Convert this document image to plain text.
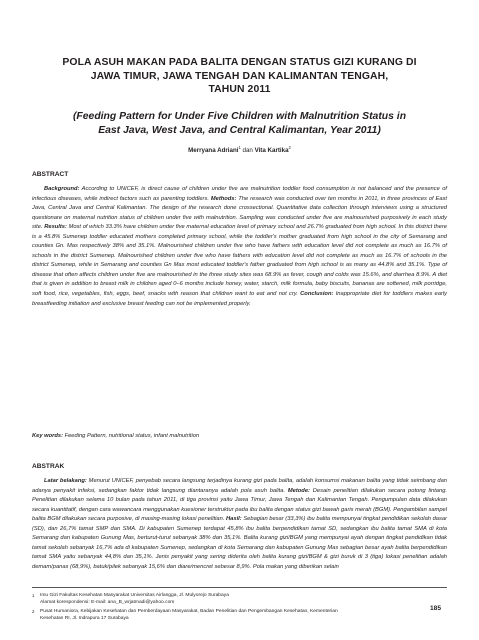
POLA ASUH MAKAN PADA BALITA DENGAN STATUS GIZI KURANG DI
JAWA TIMUR, JAWA TENGAH DAN KALIMANTAN TENGAH,
TAHUN 2011
(Feeding Pattern for Under Five Children with Malnutrition Status in
East Java, West Java, and Central Kalimantan, Year 2011)
Merryana Adriani$^1$ dan Vita Kartika$^2$
ABSTRACT
Background: According to UNICEF, is direct cause of children under five are malnutrition toddler food consumption is not balanced and the presence of infectious diseases, while indirect factors such as parenting toddlers. Methods: The research was conducted over ten months in 2011, in three provinces of East Java, Central Java and Central Kalimantan. The design of the research done crossectional. Quantitative data collection through interviews using a structured questionare on maternal nutrition status of children under five with malnutrition. Sampling was conducted under five are malnourished purposively in each study site. Results: Most of which 33.3% have children under five maternal education level of primary school and 26.7% graduated from high school. In this district there is a 45.8% Sumenep toddler educated mothers completed primary school, while the toddler's mother graduated from high school in the city of Semarang and counties Gn. Mas respectively 38% and 35.1%. Malnourished children under five who have fathers with education level did not complete as much as 16.7% of schools in the district Sumenep. Malnourished children under five who have fathers with education level did not complete as much as 16.7% of schools in the district Sumenep, while in Semarang and counties Gn Mas most educated toddler's father graduated from high school is as many as 44.8% and 35.1%. Type of disease that often affects children under five are malnourished in the three study sites was 68.9% as fever, cough and colds was 15.6%, and diarrhea 8.9%. A diet that is given in addition to breast milk in children aged 0–6 months include honey, water, starch, milk formula, baby biscuits, bananas are softened, milk porridge, soft food, rice, vegetables, fish, eggs, beef, snacks with reason that children want to eat and not cry. Conclusion: Inappropriate diet for toddlers makes early breastfeeding initiation and exclusive breast feeding can not be implemented properly.
Key words: Feeding Pattern, nutritional status, infant malnutrition
ABSTRAK
Latar belakang: Menurut UNICEF, penyebab secara langsung terjadinya kurang gizi pada balita, adalah konsumsi makanan balita yang tidak seimbang dan adanya penyakit infeksi, sedangkan faktor tidak langsung diantaranya adalah pola asuh balita. Metode: Desain penelitian dilakukan secara potong lintang. Penelitian dilakukan selama 10 bulan pada tahun 2011, di tiga provinsi yaitu Jawa Timur, Jawa Tengah dan Kalimantan Tengah. Pengumpulan data dilakukan secara kuantitatif, dengan cara wawancara menggunakan kuesioner terstruktur pada ibu balita dengan status gizi bawah garis merah (BGM). Pengambilan sampel balita BGM dilakukan secara purposive, di masing-masing lokasi penelitian. Hasil: Sebagian besar (33,3%) ibu balita mempunyai tingkat pendidikan sekolah dasar (SD), dan 26,7% tamat SMP dan SMA. Di kabupaten Sumenep terdapat 45,8% ibu balita berpendidikan tamat SD, sedangkan ibu balita tamat SMA di kota Semarang dan kabupaten Gunung Mas, berturut-turut sebanyak 38% dan 35,1%. Balita kurang gizi/BGM yang mempunyai ayah dengan tingkat pendidikan tidak tamat sekolah sebanyak 16,7% ada di kabupaten Sumenep, sedangkan di kota Semarang dan kabupaten Gunung Mas sebagian besar ayah balita berpendidikan tamat SMA yaitu sebanyak 44,8% dan 35,1%. Jenis penyakit yang sering diderita oleh balita kurang gizi/BGM & gizi buruk di 3 (tiga) lokasi penelitian adalah demam/panas (68,9%), batuk/pilek sebanyak 15,6% dan diare/mencret sebesar 8,9%. Pola makan yang diberikan selain
1	Imu Gizi Fakultas Kesehatan Masyarakat Universitas Airlangga, Jl. Mulyorejo Surabaya
Alamat korespondensi: E-mail: ana_B_wrjatmadi@yahoo.com
2	Pusat Humaniora, Kebijakan Kesehatan dan Pemberdayaan Masyarakat, Badan Penelitian dan Pengembangan Kesehatan, Kementerian
Kesehatan RI, Jl. Indrapura 17 Surabaya
185
